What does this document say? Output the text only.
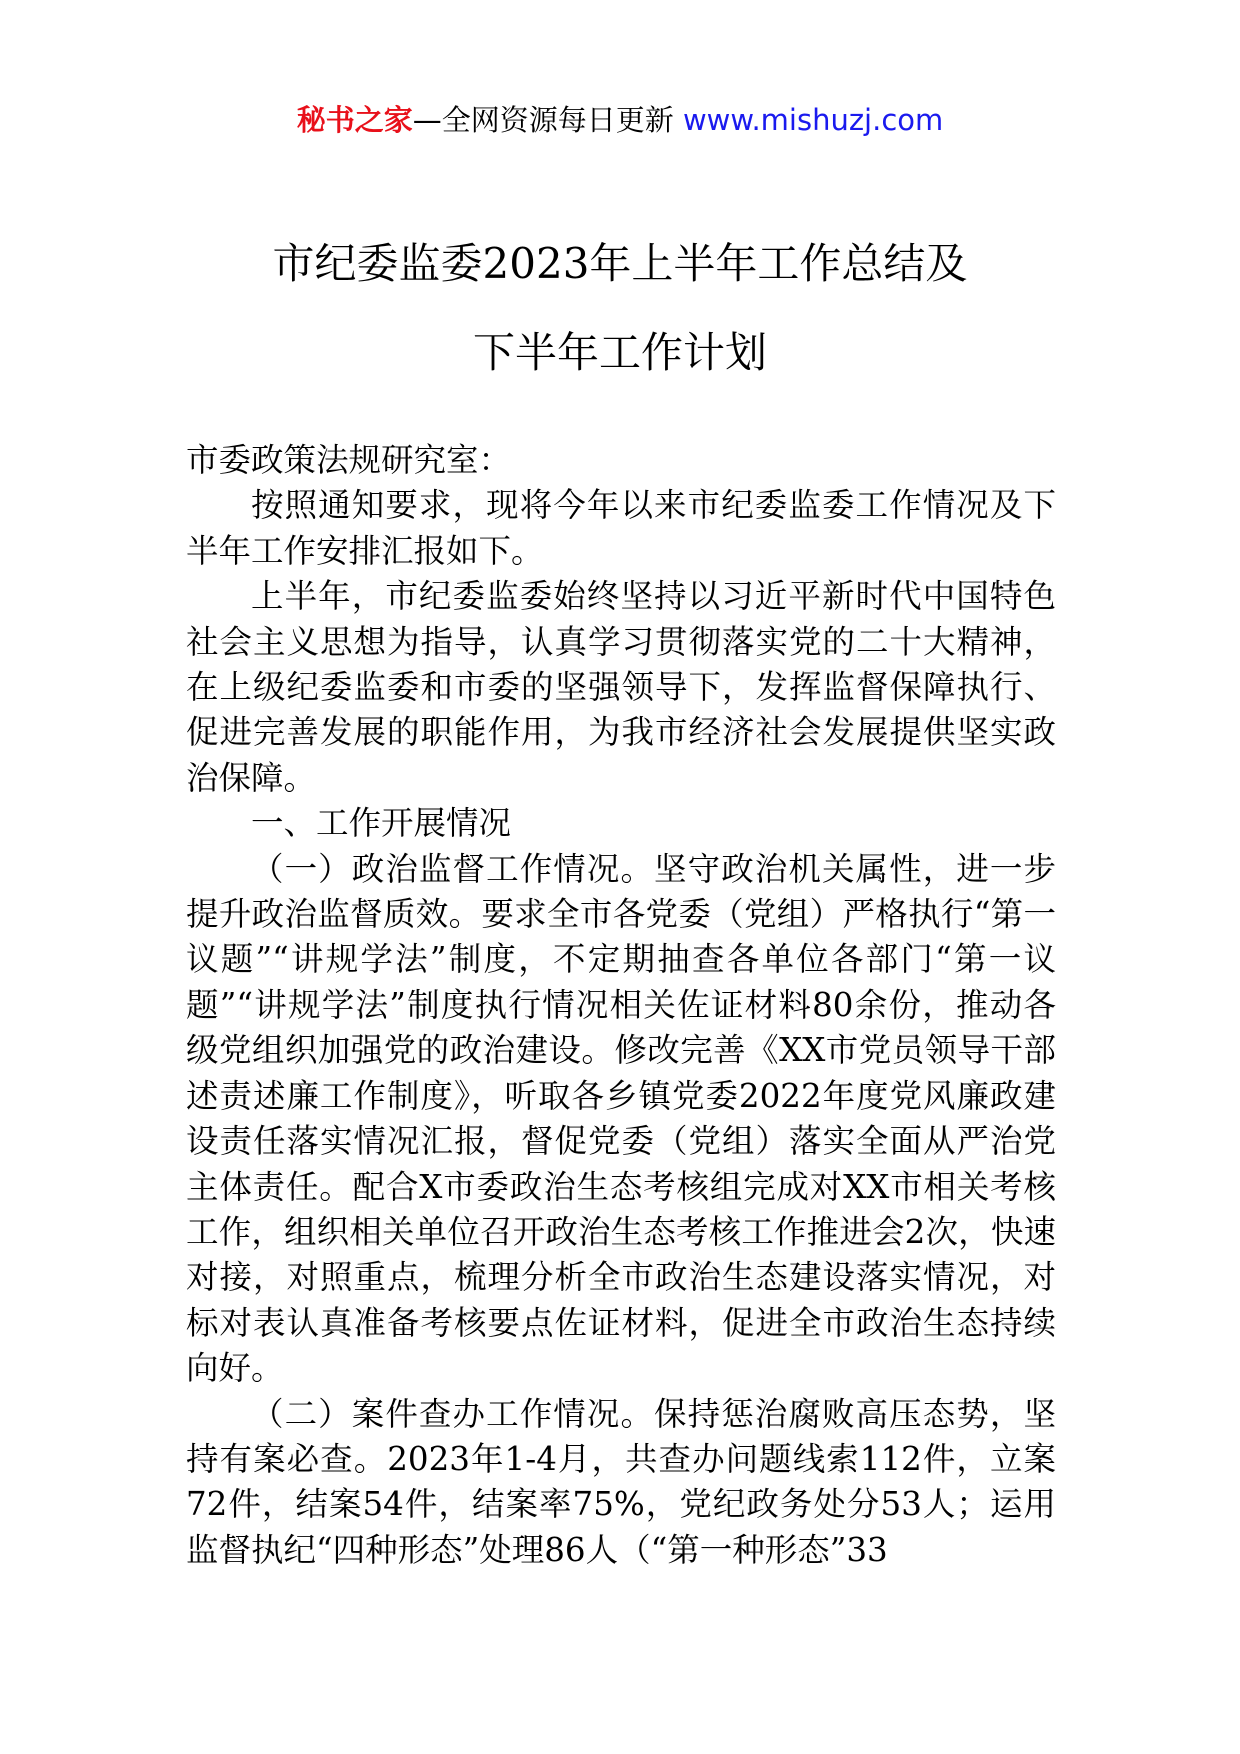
秘书之家—全网资源每日更新 www.mishuzj.com
市纪委监委2023年上半年工作总结及
下半年工作计划

市委政策法规研究室：

按照通知要求，现将今年以来市纪委监委工作情况及下半年工作安排汇报如下。

上半年，市纪委监委始终坚持以习近平新时代中国特色社会主义思想为指导，认真学习贯彻落实党的二十大精神，在上级纪委监委和市委的坚强领导下，发挥监督保障执行、促进完善发展的职能作用，为我市经济社会发展提供坚实政治保障。

一、工作开展情况

（一）政治监督工作情况。坚守政治机关属性，进一步提升政治监督质效。要求全市各党委（党组）严格执行“第一议题”“讲规学法”制度，不定期抽查各单位各部门“第一议题”“讲规学法”制度执行情况相关佐证材料80余份，推动各级党组织加强党的政治建设。修改完善《XX市党员领导干部述责述廉工作制度》，听取各乡镇党委2022年度党风廉政建设责任落实情况汇报，督促党委（党组）落实全面从严治党主体责任。配合X市委政治生态考核组完成对XX市相关考核工作，组织相关单位召开政治生态考核工作推进会2次，快速对接，对照重点，梳理分析全市政治生态建设落实情况，对标对表认真准备考核要点佐证材料，促进全市政治生态持续向好。

（二）案件查办工作情况。保持惩治腐败高压态势，坚持有案必查。2023年1-4月，共查办问题线索112件，立案72件，结案54件，结案率75%，党纪政务处分53人；运用监督执纪“四种形态”处理86人（“第一种形态”33
